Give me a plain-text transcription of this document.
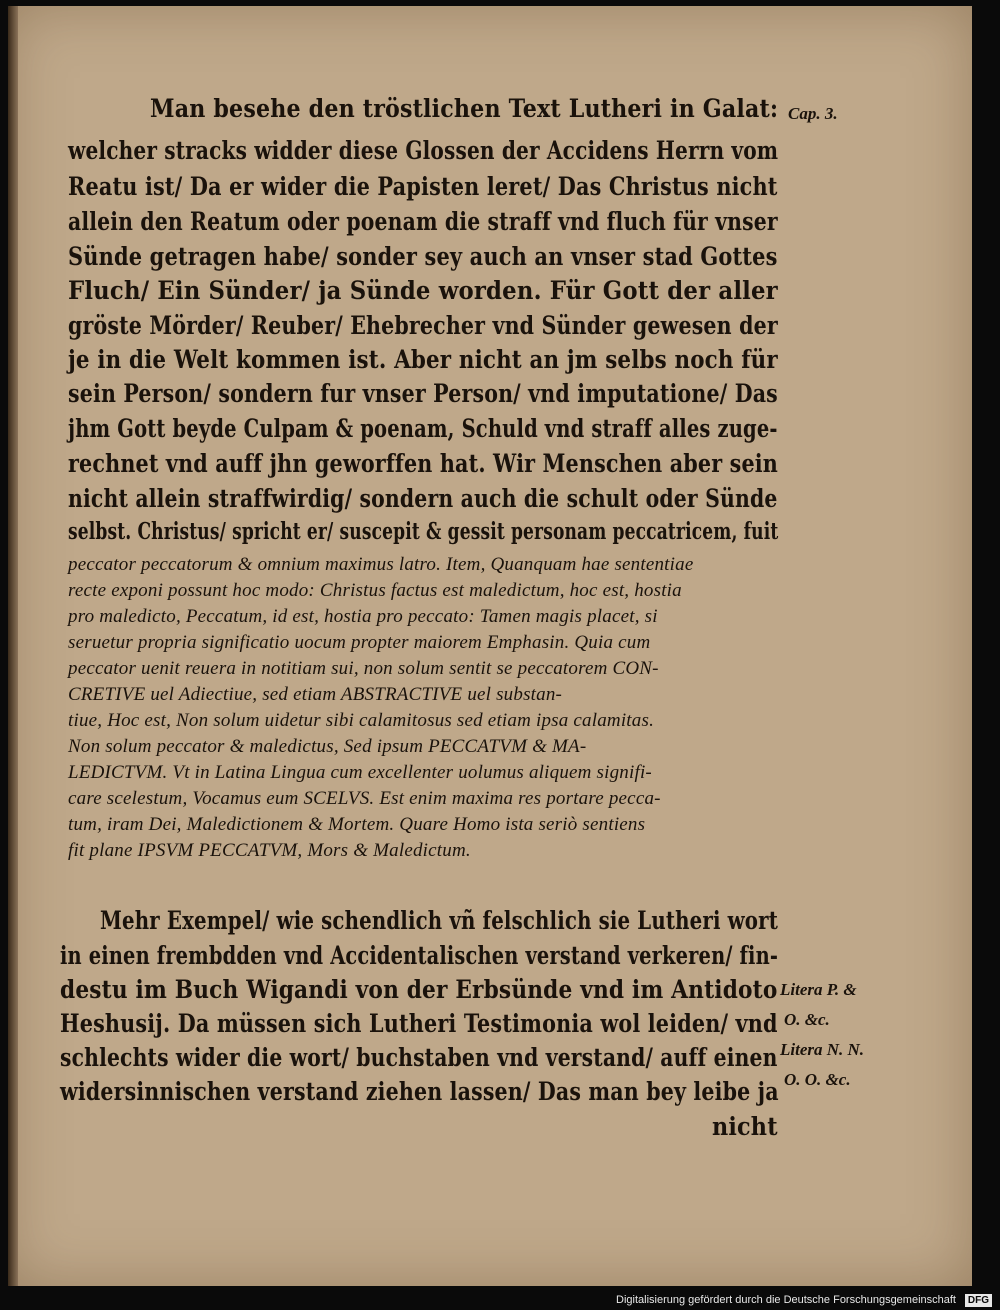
Man besehe den tröstlichen Text Lutheri in Galat:
welcher stracks widder diese Glossen der Accidens Herrn vom
Reatu ist/ Da er wider die Papisten leret/ Das Christus nicht
allein den Reatum oder poenam die straff vnd fluch für vnser
Sünde getragen habe/ sonder sey auch an vnser stad Gottes
Fluch/ Ein Sünder/ ja Sünde worden. Für Gott der aller
gröste Mörder/ Reuber/ Ehebrecher vnd Sünder gewesen der
je in die Welt kommen ist. Aber nicht an jm selbs noch für
sein Person/ sondern fur vnser Person/ vnd imputatione/ Das
jhm Gott beyde Culpam & poenam, Schuld vnd straff alles zuge-
rechnet vnd auff jhn geworffen hat. Wir Menschen aber sein
nicht allein straffwirdig/ sondern auch die schult oder Sünde
selbst. Christus/ spricht er/ suscepit & gessit personam peccatricem, fuit
peccator peccatorum & omnium maximus latro. Item, Quanquam hae sententiae
recte exponi possunt hoc modo: Christus factus est maledictum, hoc est, hostia
pro maledicto, Peccatum, id est, hostia pro peccato: Tamen magis placet, si
seruetur propria significatio uocum propter maiorem Emphasin. Quia cum
peccator uenit reuera in notitiam sui, non solum sentit se peccatorem CON-
CRETIVE uel Adiectiue, sed etiam ABSTRACTIVE uel substan-
tiue, Hoc est, Non solum uidetur sibi calamitosus sed etiam ipsa calamitas.
Non solum peccator & maledictus, Sed ipsum PECCATVM & MA-
LEDICTVM. Vt in Latina Lingua cum excellenter uolumus aliquem signifi-
care scelestum, Vocamus eum SCELVS. Est enim maxima res portare pecca-
tum, iram Dei, Maledictionem & Mortem. Quare Homo ista seriò sentiens
fit plane IPSVM PECCATVM, Mors & Maledictum.
Mehr Exempel/ wie schendlich vñ felschlich sie Lutheri wort
in einen frembdden vnd Accidentalischen verstand verkeren/ fin-
destu im Buch Wigandi von der Erbsünde vnd im Antidoto
Heshusij. Da müssen sich Lutheri Testimonia wol leiden/ vnd
schlechts wider die wort/ buchstaben vnd verstand/ auff einen
widersinnischen verstand ziehen lassen/ Das man bey leibe ja
nicht
Cap. 3.
Litera P. &
O. &c.
Litera N. N.
O. O. &c.
Digitalisierung gefördert durch die Deutsche Forschungsgemeinschaft	DFG
